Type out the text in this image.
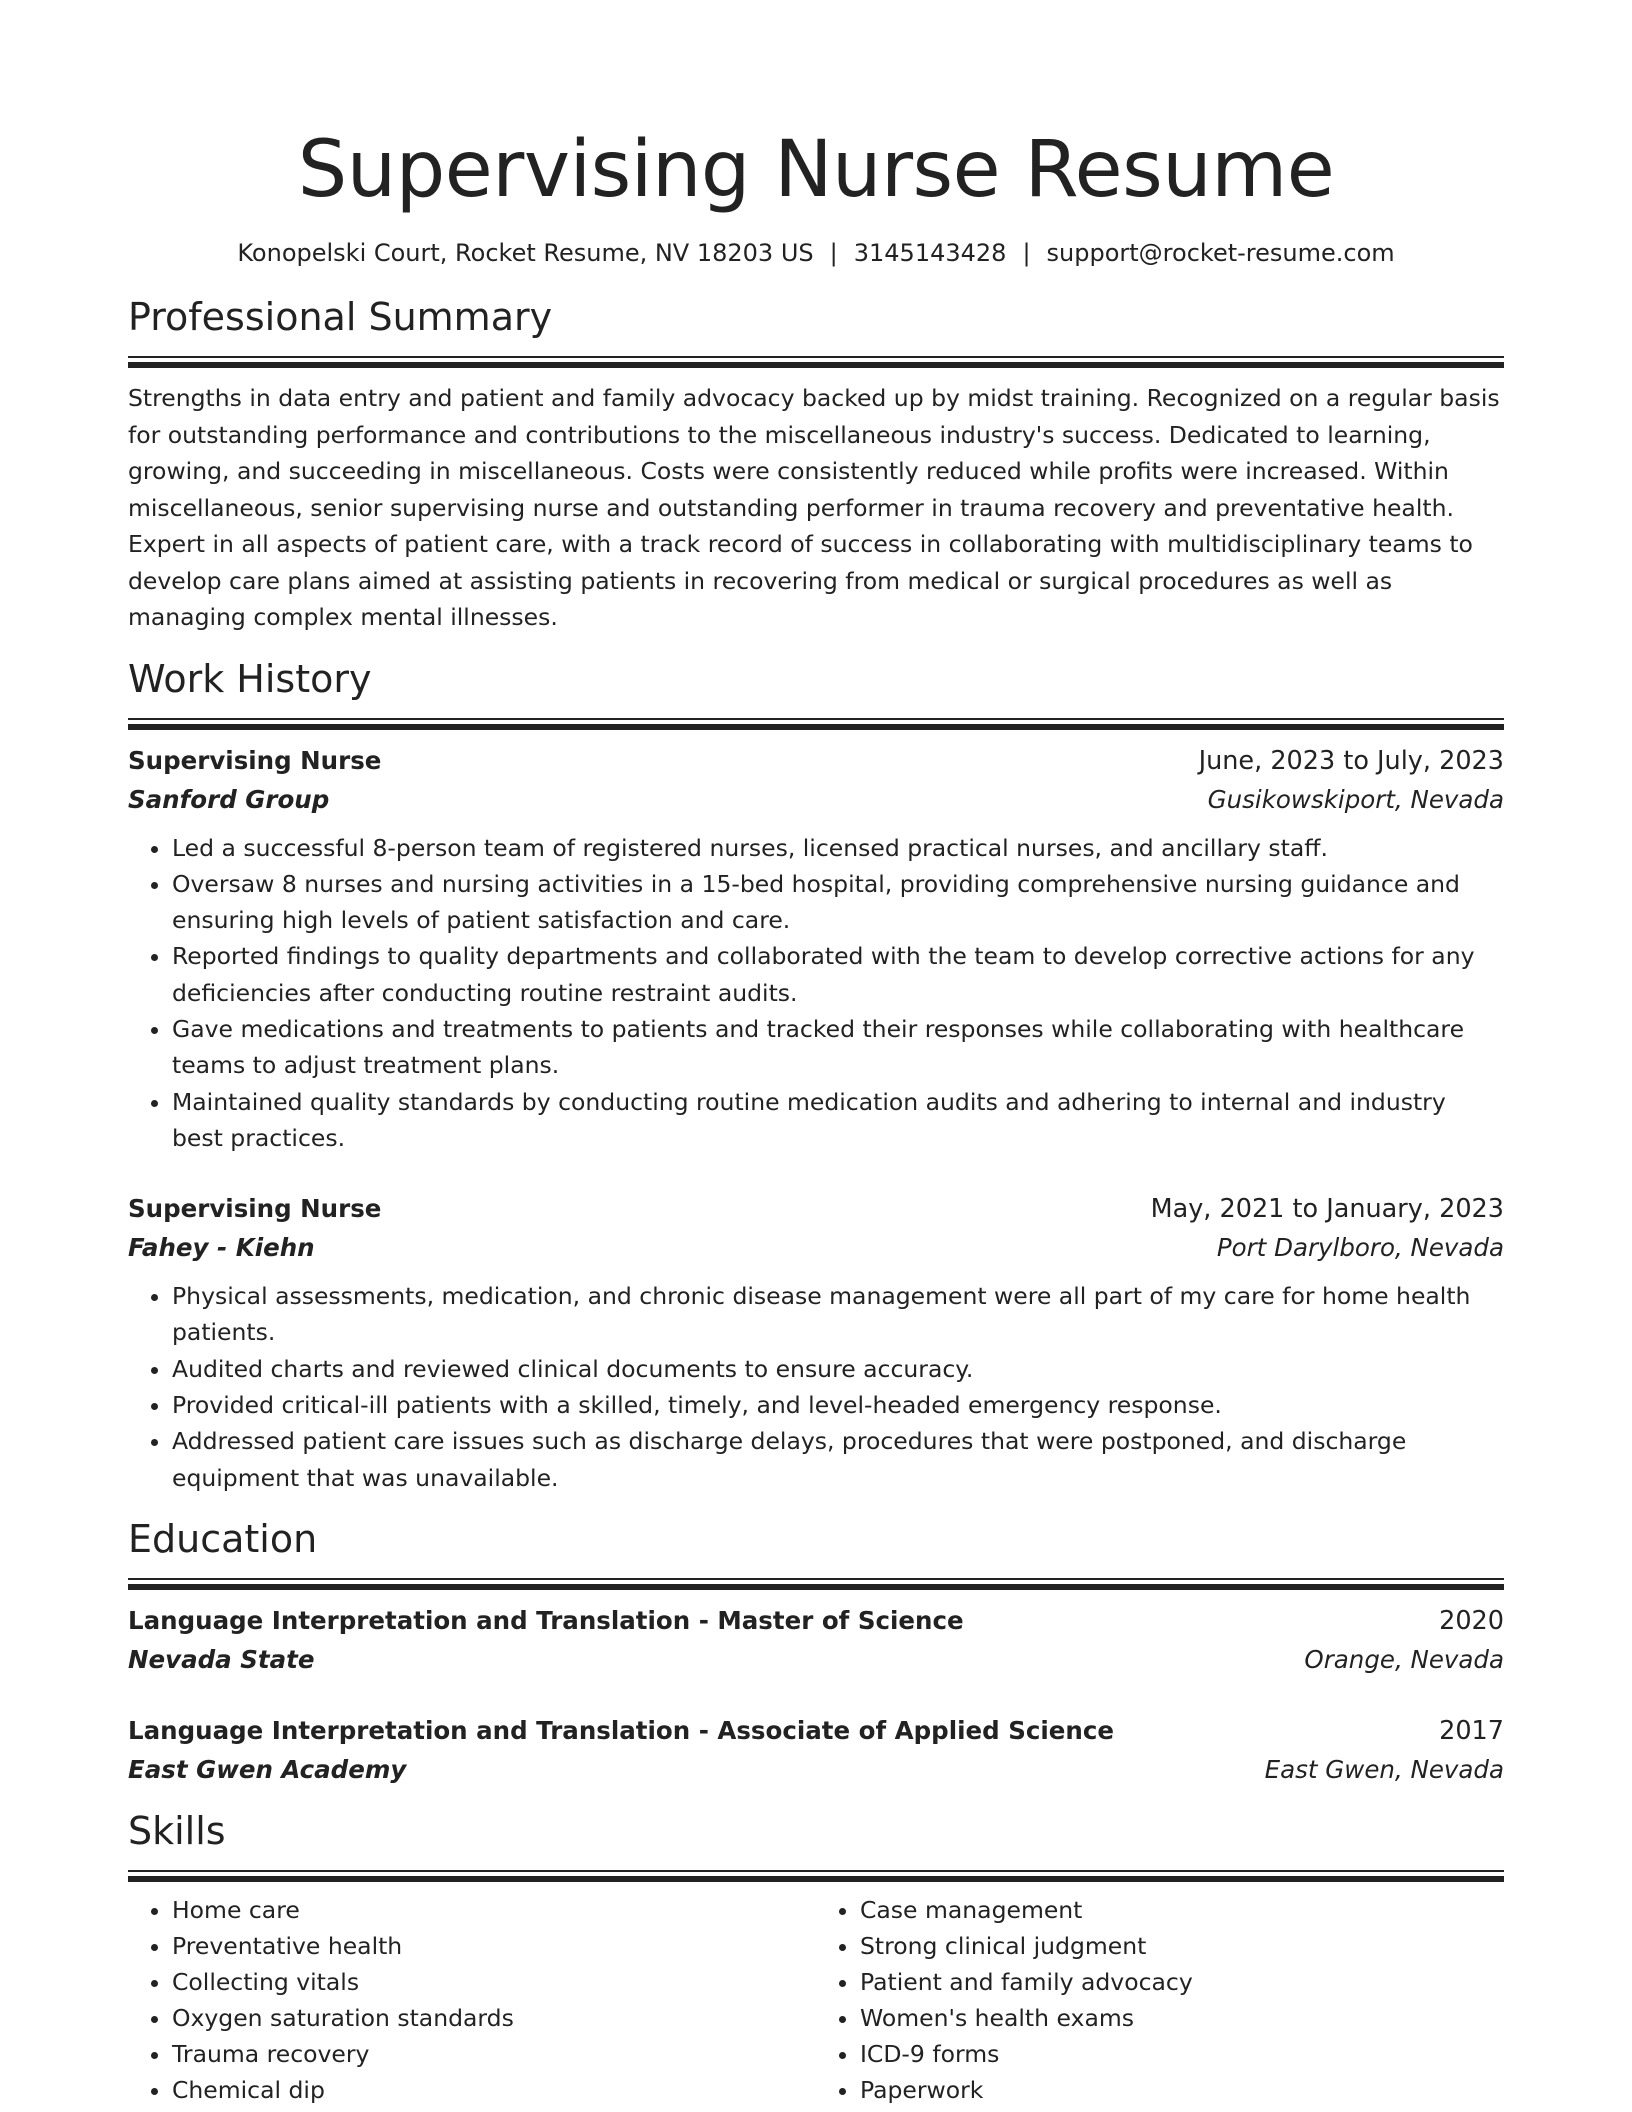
Supervising Nurse Resume
Konopelski Court, Rocket Resume, NV 18203 US | 3145143428 | support@rocket-resume.com
Professional Summary
Strengths in data entry and patient and family advocacy backed up by midst training. Recognized on a regular basis for outstanding performance and contributions to the miscellaneous industry's success. Dedicated to learning, growing, and succeeding in miscellaneous. Costs were consistently reduced while profits were increased. Within miscellaneous, senior supervising nurse and outstanding performer in trauma recovery and preventative health. Expert in all aspects of patient care, with a track record of success in collaborating with multidisciplinary teams to develop care plans aimed at assisting patients in recovering from medical or surgical procedures as well as managing complex mental illnesses.
Work History
Supervising Nurse	June, 2023 to July, 2023
Sanford Group	Gusikowskiport, Nevada
• Led a successful 8-person team of registered nurses, licensed practical nurses, and ancillary staff.
• Oversaw 8 nurses and nursing activities in a 15-bed hospital, providing comprehensive nursing guidance and ensuring high levels of patient satisfaction and care.
• Reported findings to quality departments and collaborated with the team to develop corrective actions for any deficiencies after conducting routine restraint audits.
• Gave medications and treatments to patients and tracked their responses while collaborating with healthcare teams to adjust treatment plans.
• Maintained quality standards by conducting routine medication audits and adhering to internal and industry best practices.
Supervising Nurse	May, 2021 to January, 2023
Fahey - Kiehn	Port Darylboro, Nevada
• Physical assessments, medication, and chronic disease management were all part of my care for home health patients.
• Audited charts and reviewed clinical documents to ensure accuracy.
• Provided critical-ill patients with a skilled, timely, and level-headed emergency response.
• Addressed patient care issues such as discharge delays, procedures that were postponed, and discharge equipment that was unavailable.
Education
Language Interpretation and Translation - Master of Science	2020
Nevada State	Orange, Nevada
Language Interpretation and Translation - Associate of Applied Science	2017
East Gwen Academy	East Gwen, Nevada
Skills
• Home care
• Preventative health
• Collecting vitals
• Oxygen saturation standards
• Trauma recovery
• Chemical dip
• Case management
• Strong clinical judgment
• Patient and family advocacy
• Women's health exams
• ICD-9 forms
• Paperwork
